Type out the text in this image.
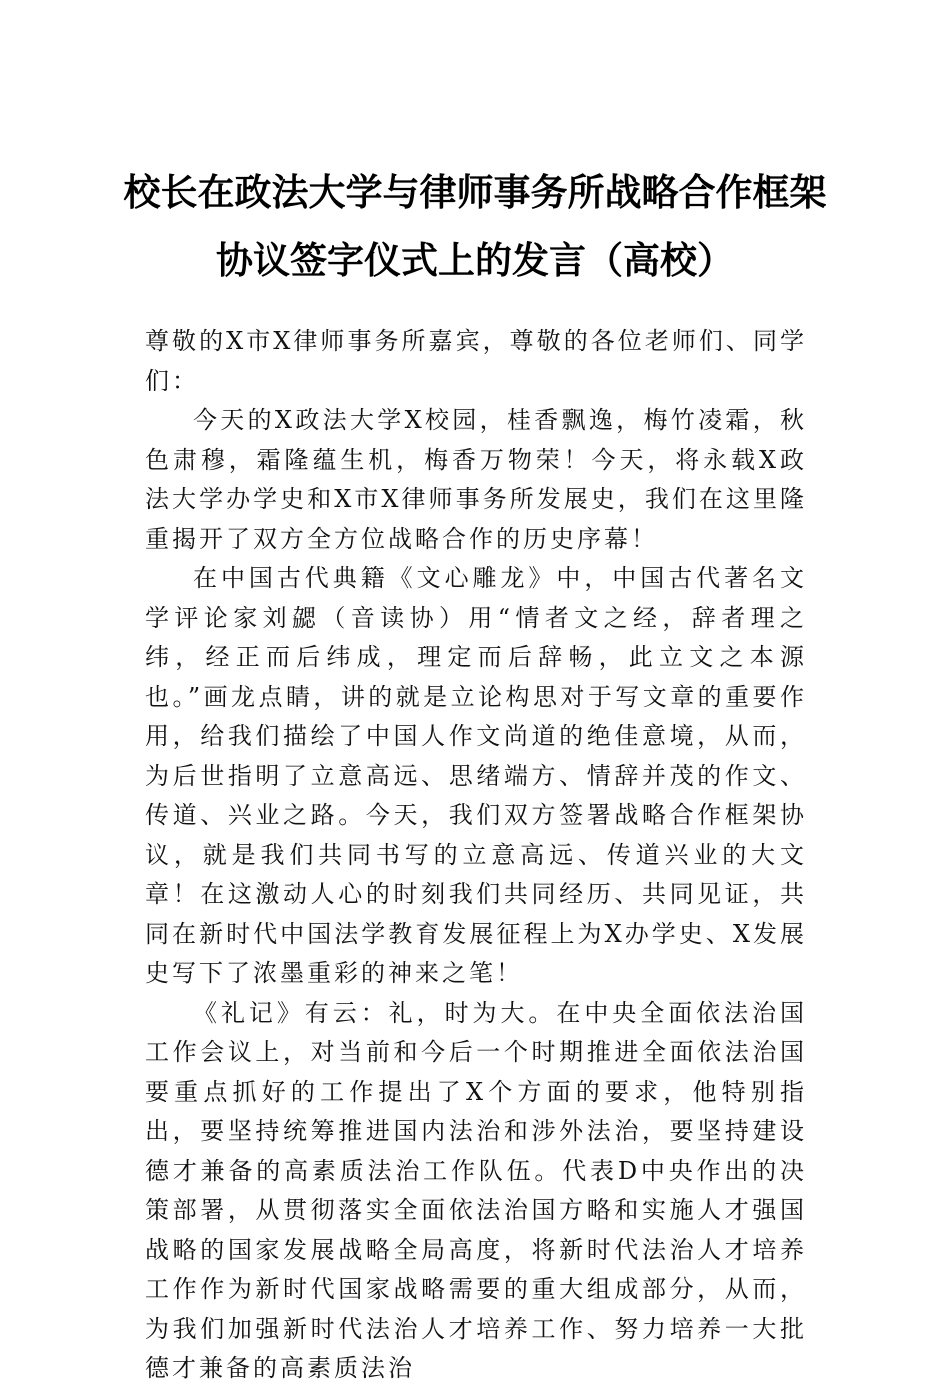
校长在政法大学与律师事务所战略合作框架协议签字仪式上的发言（高校）

尊敬的X市X律师事务所嘉宾，尊敬的各位老师们、同学们：

今天的X政法大学X校园，桂香飘逸，梅竹凌霜，秋色肃穆，霜隆蕴生机，梅香万物荣！今天，将永载X政法大学办学史和X市X律师事务所发展史，我们在这里隆重揭开了双方全方位战略合作的历史序幕！

在中国古代典籍《文心雕龙》中，中国古代著名文学评论家刘勰（音读协）用“情者文之经，辞者理之纬，经正而后纬成，理定而后辞畅，此立文之本源也。”画龙点睛，讲的就是立论构思对于写文章的重要作用，给我们描绘了中国人作文尚道的绝佳意境，从而，为后世指明了立意高远、思绪端方、情辞并茂的作文、传道、兴业之路。今天，我们双方签署战略合作框架协议，就是我们共同书写的立意高远、传道兴业的大文章！在这激动人心的时刻我们共同经历、共同见证，共同在新时代中国法学教育发展征程上为X办学史、X发展史写下了浓墨重彩的神来之笔！

《礼记》有云：礼，时为大。在中央全面依法治国工作会议上，对当前和今后一个时期推进全面依法治国要重点抓好的工作提出了X个方面的要求，他特别指出，要坚持统筹推进国内法治和涉外法治，要坚持建设德才兼备的高素质法治工作队伍。代表D中央作出的决策部署，从贯彻落实全面依法治国方略和实施人才强国战略的国家发展战略全局高度，将新时代法治人才培养工作作为新时代国家战略需要的重大组成部分，从而，为我们加强新时代法治人才培养工作、努力培养一大批德才兼备的高素质法治
